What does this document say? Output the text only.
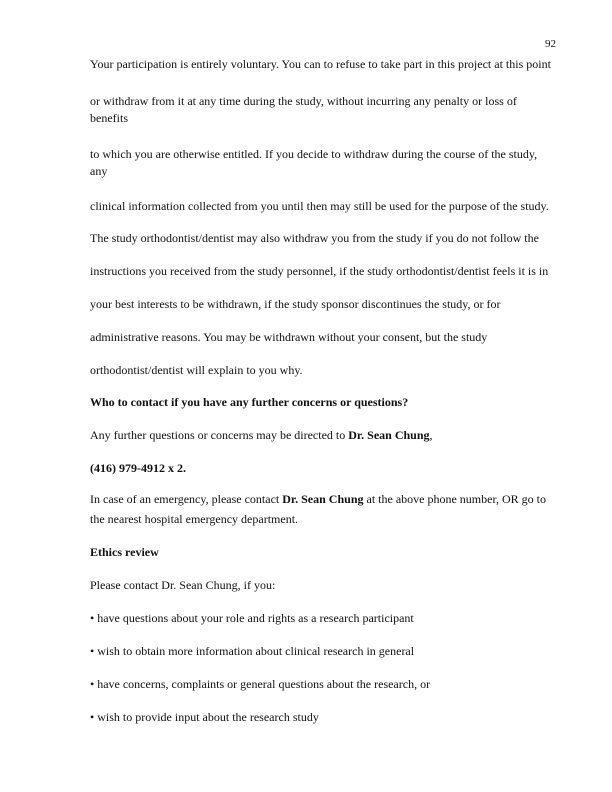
92
Your participation is entirely voluntary. You can to refuse to take part in this project at this point
or withdraw from it at any time during the study, without incurring any penalty or loss of
benefits
to which you are otherwise entitled. If you decide to withdraw during the course of the study,
any
clinical information collected from you until then may still be used for the purpose of the study.
The study orthodontist/dentist may also withdraw you from the study if you do not follow the
instructions you received from the study personnel, if the study orthodontist/dentist feels it is in
your best interests to be withdrawn, if the study sponsor discontinues the study, or for
administrative reasons. You may be withdrawn without your consent, but the study
orthodontist/dentist will explain to you why.
Who to contact if you have any further concerns or questions?
Any further questions or concerns may be directed to Dr. Sean Chung,
(416) 979-4912 x 2.
In case of an emergency, please contact Dr. Sean Chung at the above phone number, OR go to
the nearest hospital emergency department.
Ethics review
Please contact Dr. Sean Chung, if you:
• have questions about your role and rights as a research participant
• wish to obtain more information about clinical research in general
• have concerns, complaints or general questions about the research, or
• wish to provide input about the research study
